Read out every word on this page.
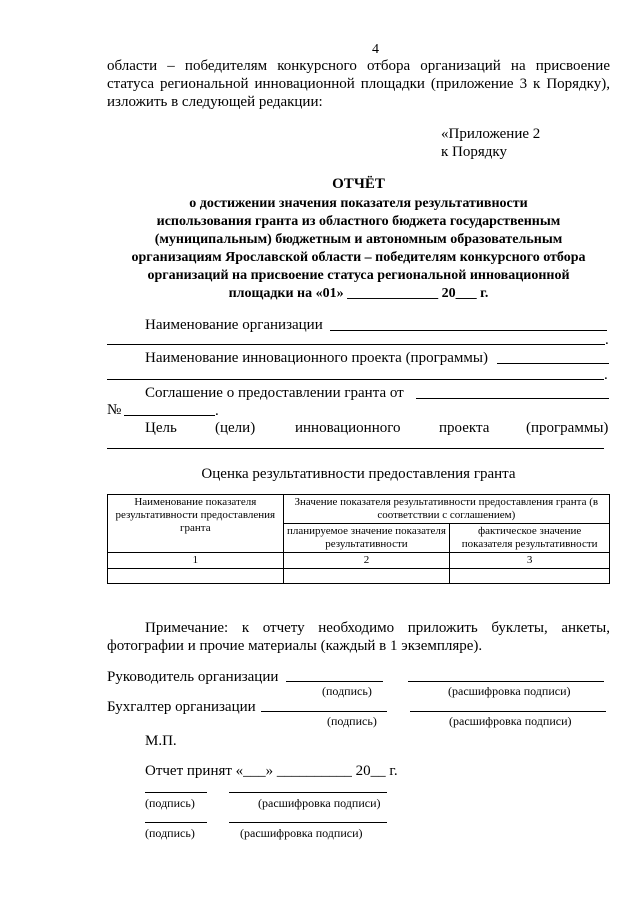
4
области – победителям конкурсного отбора организаций на присвоение
статуса региональной инновационной площадки (приложение 3 к Порядку),
изложить в следующей редакции:
«Приложение 2
к Порядку
ОТЧЁТ
о достижении значения показателя результативности
использования гранта из областного бюджета государственным
(муниципальным) бюджетным и автономным образовательным
организациям Ярославской области – победителям конкурсного отбора
организаций на присвоение статуса региональной инновационной
площадки на «01» _____________ 20___ г.
Наименование организации
.
Наименование инновационного проекта (программы)
.
Соглашение о предоставлении гранта от
№	.
Цель	(цели)	инновационного	проекта (программы)
Оценка результативности предоставления гранта
Наименование показателя результативности предоставления гранта	Значение показателя результативности предоставления гранта (в соответствии с соглашением)	
	планируемое значение показателя результативности	фактическое значение показателя результативности
1	2	3

Примечание: к отчету необходимо приложить буклеты, анкеты,
фотографии и прочие материалы (каждый в 1 экземпляре).
Руководитель организации
(подпись)	(расшифровка подписи)
Бухгалтер организации
(подпись)	(расшифровка подписи)
М.П.
Отчет принят «___» __________ 20__ г.
(подпись)	(расшифровка подписи)
(подпись)	(расшифровка подписи)
